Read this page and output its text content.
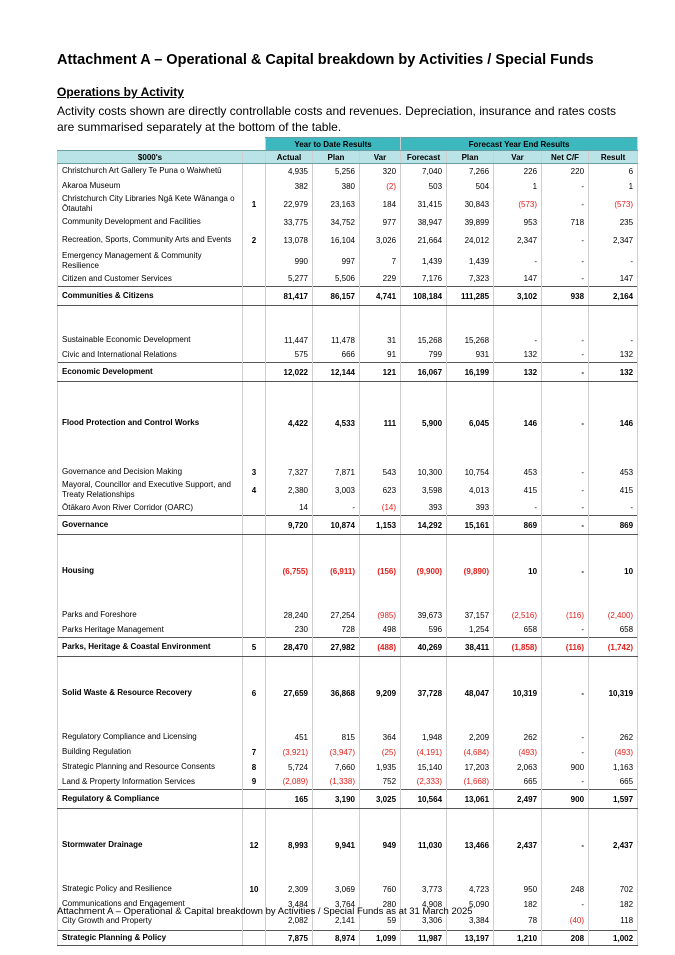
Attachment A – Operational & Capital breakdown by Activities / Special Funds
Operations by Activity
Activity costs shown are directly controllable costs and revenues. Depreciation, insurance and rates costs are summarised separately at the bottom of the table.
		Year to Date Results			Forecast Year End Results				
$000's		Actual	Plan	Var	Forecast	Plan	Var	Net C/F	Result
Christchurch Art Gallery Te Puna o Waiwhetū		4,935	5,256	320	7,040	7,266	226	220	6
Akaroa Museum		382	380	(2)	503	504	1	-	1
Christchurch City Libraries Ngā Kete Wānanga o Ōtautahi	1	22,979	23,163	184	31,415	30,843	(573)	-	(573)
Community Development and Facilities		33,775	34,752	977	38,947	39,899	953	718	235
Recreation, Sports, Community Arts and Events	2	13,078	16,104	3,026	21,664	24,012	2,347	-	2,347
Emergency Management & Community Resilience		990	997	7	1,439	1,439	-	-	-
Citizen and Customer Services		5,277	5,506	229	7,176	7,323	147	-	147
Communities & Citizens		81,417	86,157	4,741	108,184	111,285	3,102	938	2,164

Sustainable Economic Development		11,447	11,478	31	15,268	15,268	-	-	-
Civic and International Relations		575	666	91	799	931	132	-	132
Economic Development		12,022	12,144	121	16,067	16,199	132	-	132

Flood Protection and Control Works		4,422	4,533	111	5,900	6,045	146	-	146

Governance and Decision Making	3	7,327	7,871	543	10,300	10,754	453	-	453
Mayoral, Councillor and Executive Support, and Treaty Relationships	4	2,380	3,003	623	3,598	4,013	415	-	415
Ōtākaro Avon River Corridor (OARC)		14	-	(14)	393	393	-	-	-
Governance		9,720	10,874	1,153	14,292	15,161	869	-	869

Housing		(6,755)	(6,911)	(156)	(9,900)	(9,890)	10	-	10

Parks and Foreshore		28,240	27,254	(985)	39,673	37,157	(2,516)	(116)	(2,400)
Parks Heritage Management		230	728	498	596	1,254	658	-	658
Parks, Heritage & Coastal Environment	5	28,470	27,982	(488)	40,269	38,411	(1,858)	(116)	(1,742)

Solid Waste & Resource Recovery	6	27,659	36,868	9,209	37,728	48,047	10,319	-	10,319

Regulatory Compliance and Licensing		451	815	364	1,948	2,209	262	-	262
Building Regulation	7	(3,921)	(3,947)	(25)	(4,191)	(4,684)	(493)	-	(493)
Strategic Planning and Resource Consents	8	5,724	7,660	1,935	15,140	17,203	2,063	900	1,163
Land & Property Information Services	9	(2,089)	(1,338)	752	(2,333)	(1,668)	665	-	665
Regulatory & Compliance		165	3,190	3,025	10,564	13,061	2,497	900	1,597

Stormwater Drainage	12	8,993	9,941	949	11,030	13,466	2,437	-	2,437

Strategic Policy and Resilience	10	2,309	3,069	760	3,773	4,723	950	248	702
Communications and Engagement		3,484	3,764	280	4,908	5,090	182	-	182
City Growth and Property		2,082	2,141	59	3,306	3,384	78	(40)	118
Strategic Planning & Policy		7,875	8,974	1,099	11,987	13,197	1,210	208	1,002
Attachment A – Operational & Capital breakdown by Activities / Special Funds as at 31 March 2025
